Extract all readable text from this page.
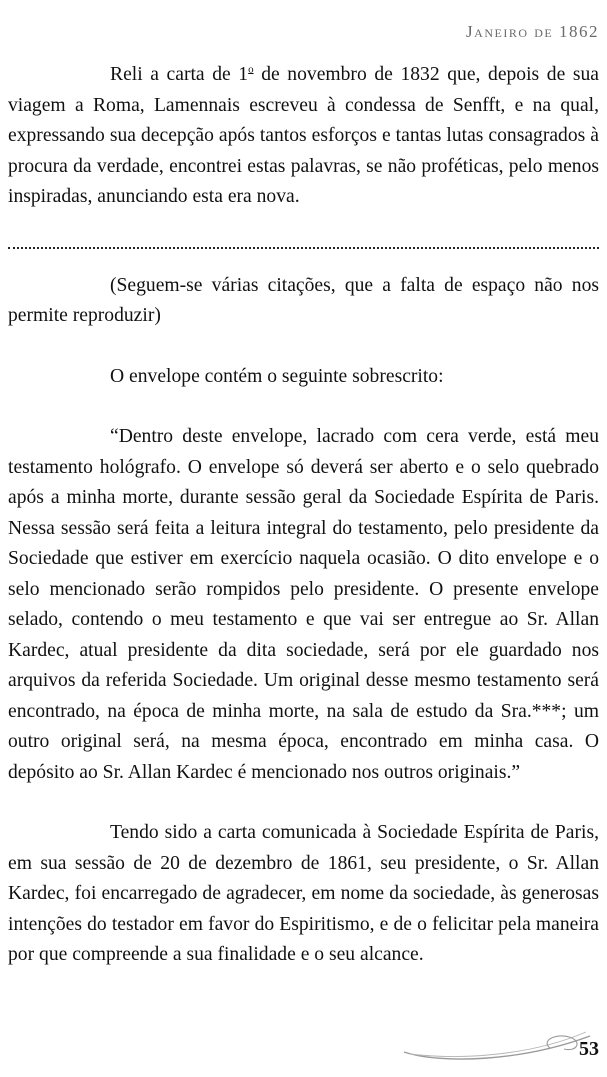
Janeiro de 1862

Reli a carta de 1$^o$ de novembro de 1832 que, depois de sua viagem a Roma, Lamennais escreveu à condessa de Senfft, e na qual, expressando sua decepção após tantos esforços e tantas lutas consagrados à procura da verdade, encontrei estas palavras, se não proféticas, pelo menos inspiradas, anunciando esta era nova.

(Seguem-se várias citações, que a falta de espaço não nos permite reproduzir)

O envelope contém o seguinte sobrescrito:

“Dentro deste envelope, lacrado com cera verde, está meu testamento hológrafo. O envelope só deverá ser aberto e o selo quebrado após a minha morte, durante sessão geral da Sociedade Espírita de Paris. Nessa sessão será feita a leitura integral do testamento, pelo presidente da Sociedade que estiver em exercício naquela ocasião. O dito envelope e o selo mencionado serão rompidos pelo presidente. O presente envelope selado, contendo o meu testamento e que vai ser entregue ao Sr. Allan Kardec, atual presidente da dita sociedade, será por ele guardado nos arquivos da referida Sociedade. Um original desse mesmo testamento será encontrado, na época de minha morte, na sala de estudo da Sra.***; um outro original será, na mesma época, encontrado em minha casa. O depósito ao Sr. Allan Kardec é mencionado nos outros originais.”

Tendo sido a carta comunicada à Sociedade Espírita de Paris, em sua sessão de 20 de dezembro de 1861, seu presidente, o Sr. Allan Kardec, foi encarregado de agradecer, em nome da sociedade, às generosas intenções do testador em favor do Espiritismo, e de o felicitar pela maneira por que compreende a sua finalidade e o seu alcance.

53
